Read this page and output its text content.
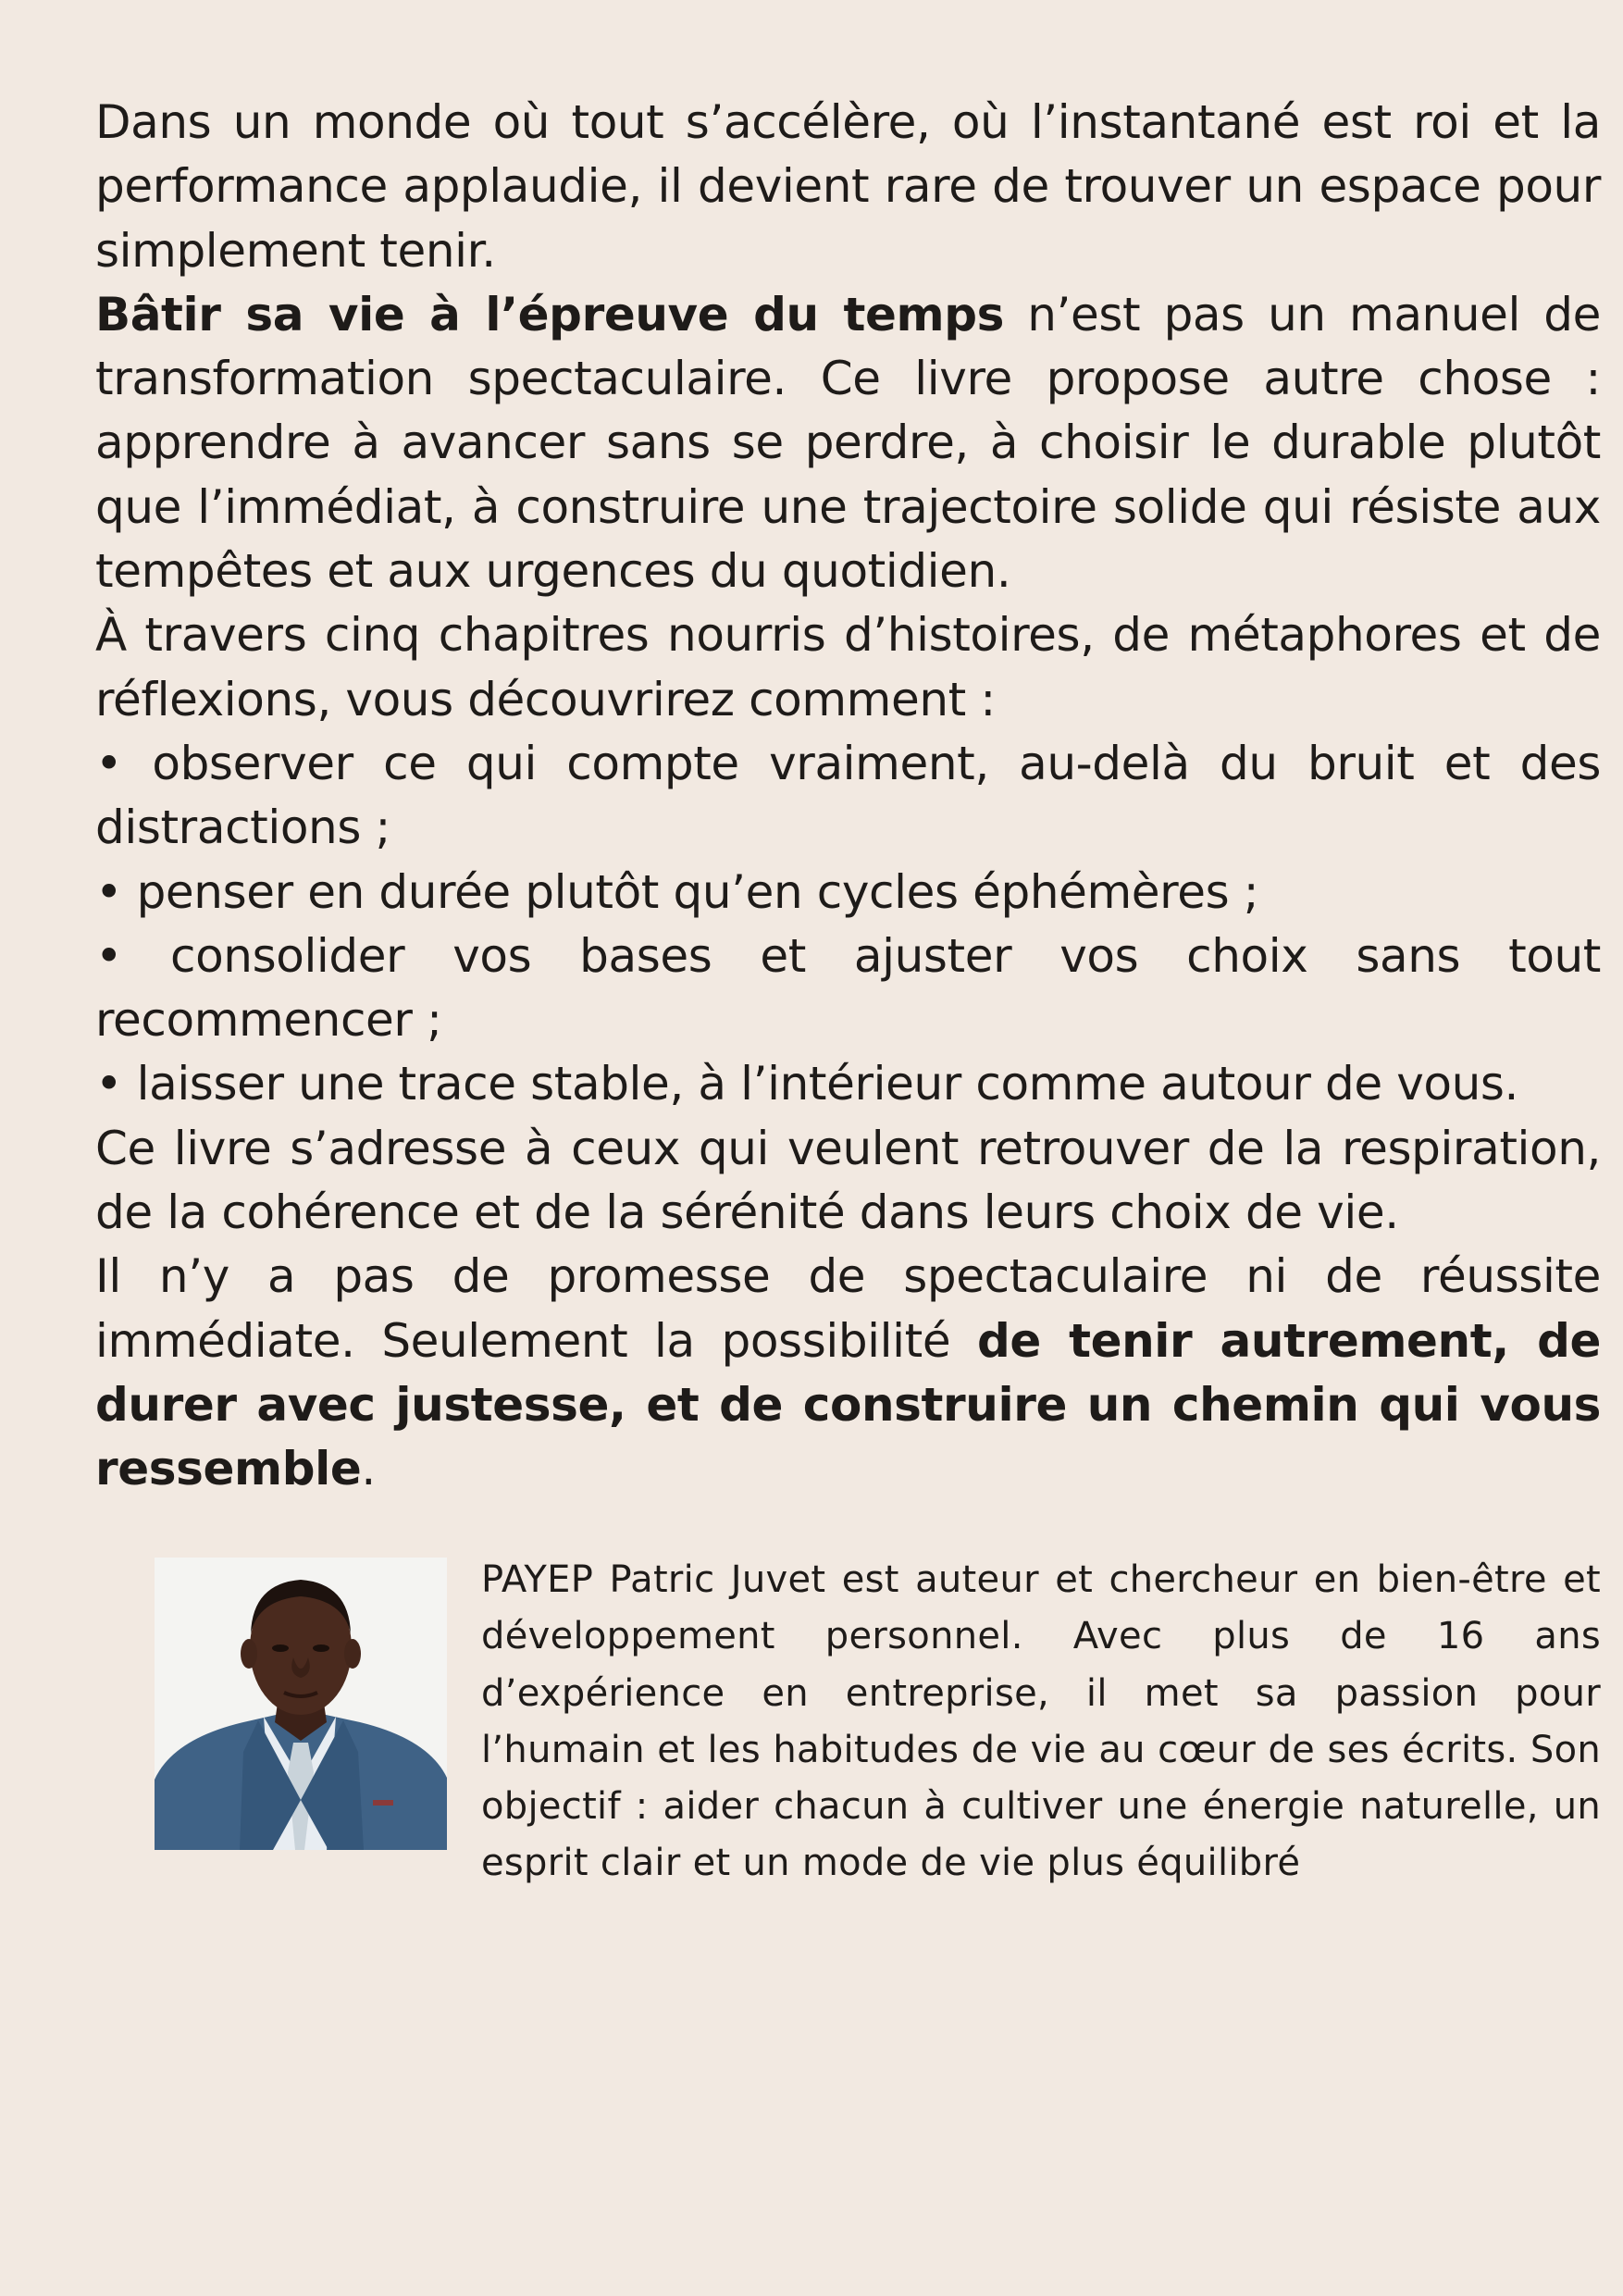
Dans un monde où tout s’accélère, où l’instantané est roi et la performance applaudie, il devient rare de trouver un espace pour simplement tenir.

Bâtir sa vie à l’épreuve du temps n’est pas un manuel de transformation spectaculaire. Ce livre propose autre chose : apprendre à avancer sans se perdre, à choisir le durable plutôt que l’immédiat, à construire une trajectoire solide qui résiste aux tempêtes et aux urgences du quotidien.

À travers cinq chapitres nourris d’histoires, de métaphores et de réflexions, vous découvrirez comment :

• observer ce qui compte vraiment, au-delà du bruit et des distractions ;

• penser en durée plutôt qu’en cycles éphémères ;

• consolider vos bases et ajuster vos choix sans tout recommencer ;

• laisser une trace stable, à l’intérieur comme autour de vous.

Ce livre s’adresse à ceux qui veulent retrouver de la respiration, de la cohérence et de la sérénité dans leurs choix de vie.

Il n’y a pas de promesse de spectaculaire ni de réussite immédiate. Seulement la possibilité de tenir autrement, de durer avec justesse, et de construire un chemin qui vous ressemble.

PAYEP Patric Juvet est auteur et chercheur en bien-être et développement personnel. Avec plus de 16 ans d’expérience en entreprise, il met sa passion pour l’humain et les habitudes de vie au cœur de ses écrits. Son objectif : aider chacun à cultiver une énergie naturelle, un esprit clair et un mode de vie plus équilibré
